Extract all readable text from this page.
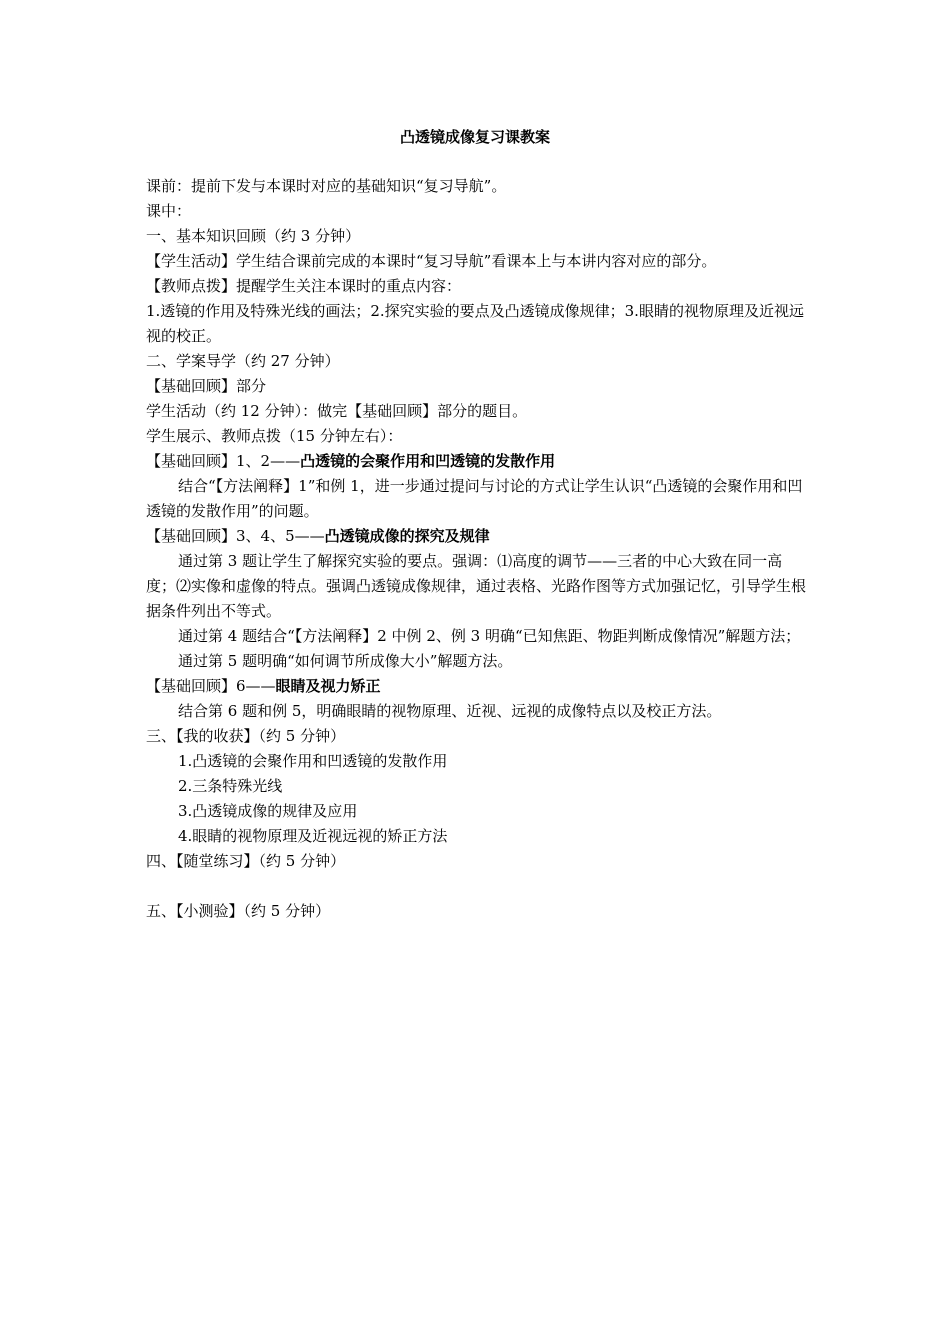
凸透镜成像复习课教案

课前：提前下发与本课时对应的基础知识“复习导航”。

课中：

一、基本知识回顾（约 3 分钟）

【学生活动】学生结合课前完成的本课时“复习导航”看课本上与本讲内容对应的部分。

【教师点拨】提醒学生关注本课时的重点内容：

1.透镜的作用及特殊光线的画法；2.探究实验的要点及凸透镜成像规律；3.眼睛的视物原理及近视远视的校正。

二、学案导学（约 27 分钟）

【基础回顾】部分

学生活动（约 12 分钟）：做完【基础回顾】部分的题目。

学生展示、教师点拨（15 分钟左右）：

【基础回顾】1、2——凸透镜的会聚作用和凹透镜的发散作用

结合“【方法阐释】1”和例 1，进一步通过提问与讨论的方式让学生认识“凸透镜的会聚作用和凹透镜的发散作用”的问题。

【基础回顾】3、4、5——凸透镜成像的探究及规律

通过第 3 题让学生了解探究实验的要点。强调：⑴高度的调节——三者的中心大致在同一高度；⑵实像和虚像的特点。强调凸透镜成像规律，通过表格、光路作图等方式加强记忆，引导学生根据条件列出不等式。

通过第 4 题结合“【方法阐释】2 中例 2、例 3 明确“已知焦距、物距判断成像情况”解题方法；

通过第 5 题明确“如何调节所成像大小”解题方法。

【基础回顾】6——眼睛及视力矫正

结合第 6 题和例 5，明确眼睛的视物原理、近视、远视的成像特点以及校正方法。

三、【我的收获】（约 5 分钟）

1.凸透镜的会聚作用和凹透镜的发散作用

2.三条特殊光线

3.凸透镜成像的规律及应用

4.眼睛的视物原理及近视远视的矫正方法

四、【随堂练习】（约 5 分钟）

五、【小测验】（约 5 分钟）
